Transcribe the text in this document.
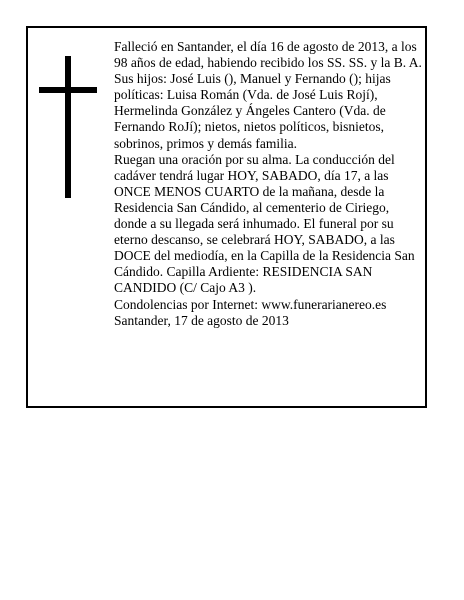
Falleció en Santander, el día 16 de agosto de 2013, a los 98 años de edad, habiendo recibido los SS. SS. y la B. A.

Sus hijos: José Luis (), Manuel y Fernando (); hijas políticas: Luisa Román (Vda. de José Luis Rojí), Hermelinda González y Ángeles Cantero (Vda. de Fernando RoJí); nietos, nietos políticos, bisnietos, sobrinos, primos y demás familia.

Ruegan una oración por su alma. La conducción del cadáver tendrá lugar HOY, SABADO, día 17, a las ONCE MENOS CUARTO de la mañana, desde la Residencia San Cándido, al cementerio de Ciriego, donde a su llegada será inhumado. El funeral por su eterno descanso, se celebrará HOY, SABADO, a las DOCE del mediodía, en la Capilla de la Residencia San Cándido. Capilla Ardiente: RESIDENCIA SAN CANDIDO (C/ Cajo A3 ).

Condolencias por Internet: www.funerarianereo.es

Santander, 17 de agosto de 2013
